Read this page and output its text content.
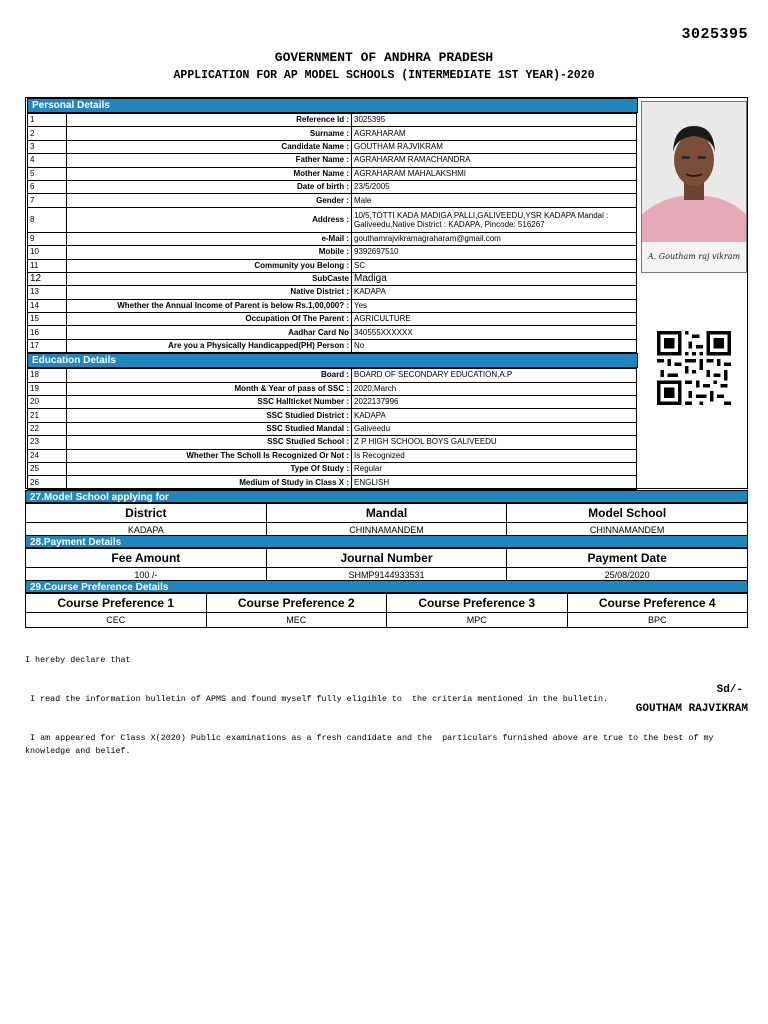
3025395
GOVERNMENT OF ANDHRA PRADESH
APPLICATION FOR AP MODEL SCHOOLS (INTERMEDIATE 1ST YEAR)-2020
Personal Details
1	Reference Id :	3025395
2	Surname :	AGRAHARAM
3	Candidate Name :	GOUTHAM RAJVIKRAM
4	Father Name :	AGRAHARAM RAMACHANDRA
5	Mother Name :	AGRAHARAM MAHALAKSHMI
6	Date of birth :	23/5/2005
7	Gender :	Male
8	Address :	10/5,TOTTI KADA MADIGA PALLI,GALIVEEDU,YSR KADAPA Mandal : Galiveedu,Native District : KADAPA, Pincode: 516267
9	e-Mail :	gouthamrajvikramagraharam@gmail.com
10	Mobile :	9392697510
11	Community you Belong :	SC
12	SubCaste	Madiga
13	Native District :	KADAPA
14	Whether the Annual Income of Parent is below Rs.1,00,000? :	Yes
15	Occupation Of The Parent :	AGRICULTURE
16	Aadhar Card No	340555XXXXXX
17	Are you a Physically Handicapped(PH) Person :	No
Education Details
18	Board :	BOARD OF SECONDARY EDUCATION,A.P
19	Month & Year of pass of SSC :	2020,March
20	SSC Hallticket Number :	2022137996
21	SSC Studied District :	KADAPA
22	SSC Studied Mandal :	Galiveedu
23	SSC Studied School :	Z P HIGH SCHOOL BOYS GALIVEEDU
24	Whether The Scholl Is Recognized Or Not :	Is Recognized
25	Type Of Study :	Regular
26	Medium of Study in Class X :	ENGLISH
A. Goutham raj vikram
27.Model School applying for
District	Mandal	Model School
KADAPA	CHINNAMANDEM	CHINNAMANDEM
28.Payment Details
Fee Amount	Journal Number	Payment Date
100 /-	SHMP9144933531	25/08/2020
29.Course Preference Details
Course Preference 1	Course Preference 2	Course Preference 3	Course Preference 4
CEC	MEC	MPC	BPC

I hereby declare that

I read the information bulletin of APMS and found myself fully eligible to  the criteria mentioned in the bulletin.

I am appeared for Class X(2020) Public examinations as a fresh candidate and the  particulars furnished above are true to the best of my knowledge and belief.

Sd/-
GOUTHAM RAJVIKRAM
